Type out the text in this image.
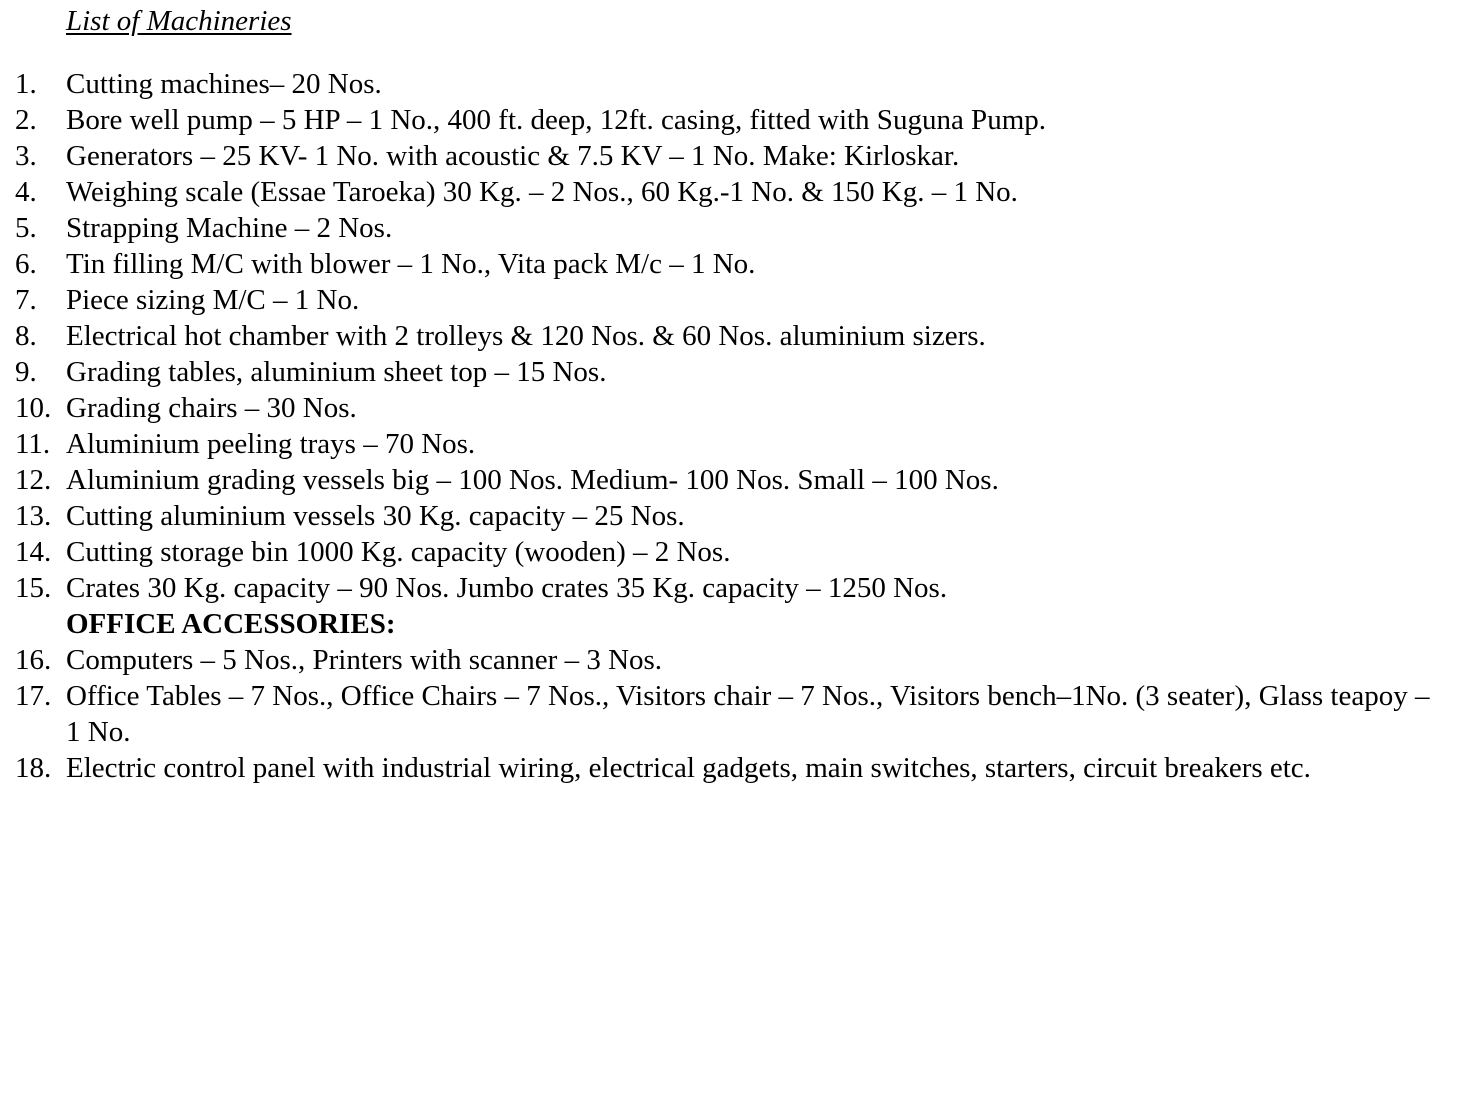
List of Machineries
1.	Cutting machines– 20 Nos.
2.	Bore well pump – 5 HP – 1 No., 400 ft. deep, 12ft. casing, fitted with Suguna Pump.
3.	Generators – 25 KV- 1 No. with acoustic & 7.5 KV – 1 No. Make: Kirloskar.
4.	Weighing scale (Essae Taroeka) 30 Kg. – 2 Nos., 60 Kg.-1 No. & 150 Kg. – 1 No.
5.	Strapping Machine – 2 Nos.
6.	Tin filling M/C with blower – 1 No., Vita pack M/c – 1 No.
7.	Piece sizing M/C – 1 No.
8.	Electrical hot chamber with 2 trolleys & 120 Nos. & 60 Nos. aluminium sizers.
9.	Grading tables, aluminium sheet top – 15 Nos.
10. Grading chairs – 30 Nos.
11. Aluminium peeling trays – 70 Nos.
12. Aluminium grading vessels big – 100 Nos. Medium- 100 Nos. Small – 100 Nos.
13. Cutting aluminium vessels 30 Kg. capacity – 25 Nos.
14. Cutting storage bin 1000 Kg. capacity (wooden) – 2 Nos.
15. Crates 30 Kg. capacity – 90 Nos. Jumbo crates 35 Kg. capacity – 1250 Nos.
OFFICE ACCESSORIES:
16. Computers – 5 Nos., Printers with scanner – 3 Nos.
17. Office Tables – 7 Nos., Office Chairs – 7 Nos., Visitors chair – 7 Nos., Visitors bench–1No. (3 seater), Glass teapoy – 1 No.
18. Electric control panel with industrial wiring, electrical gadgets, main switches, starters, circuit breakers etc.
